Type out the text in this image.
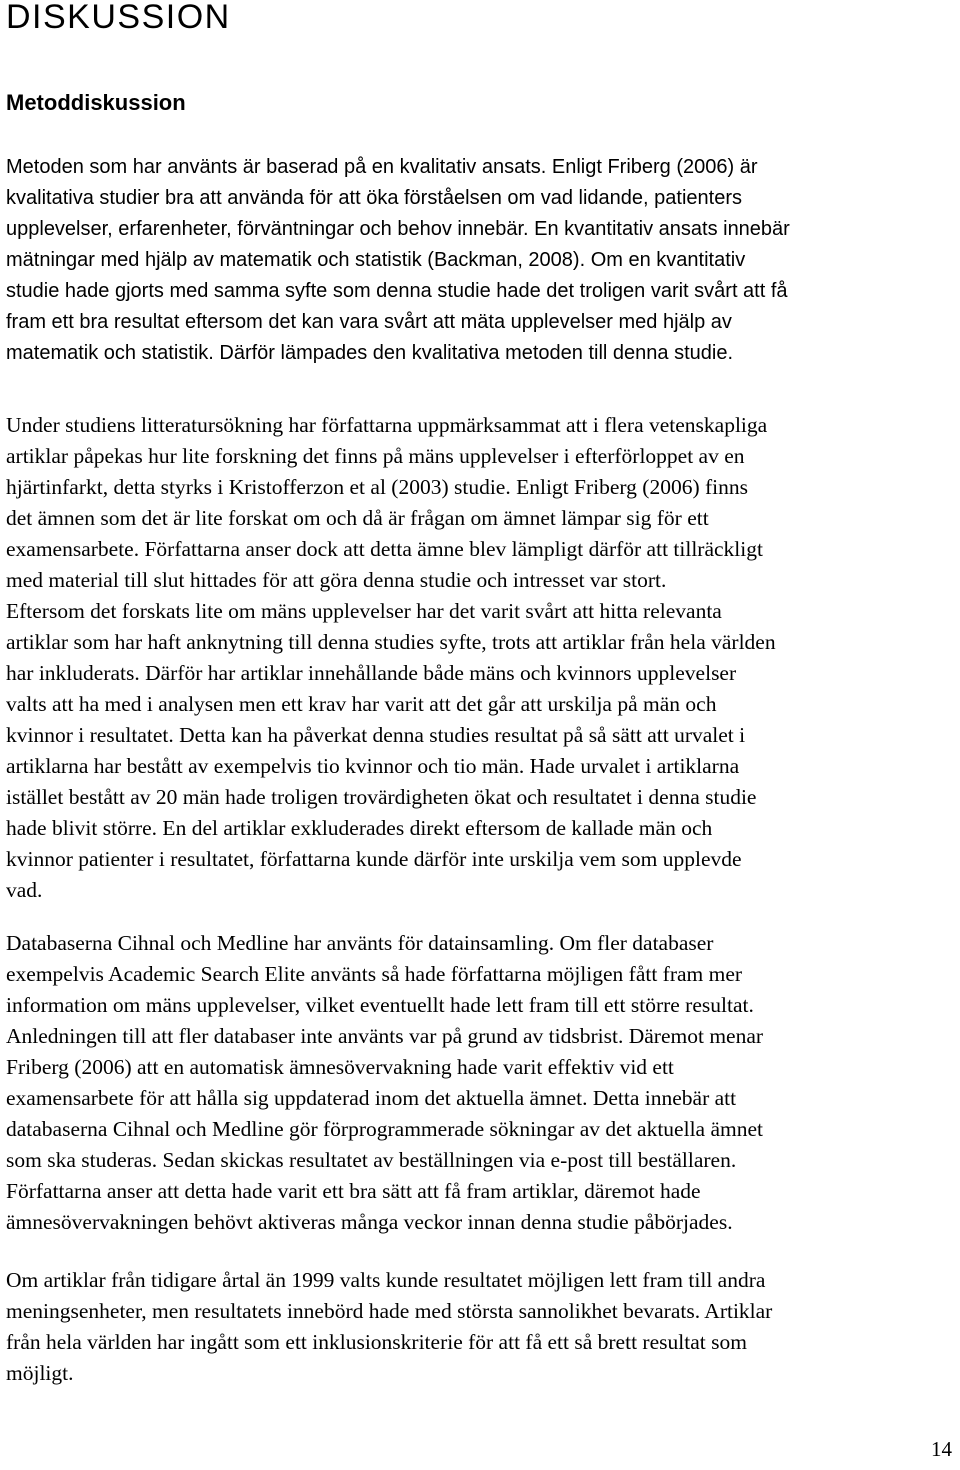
DISKUSSION
Metoddiskussion

Metoden som har använts är baserad på en kvalitativ ansats. Enligt Friberg (2006) är
kvalitativa studier bra att använda för att öka förståelsen om vad lidande, patienters
upplevelser, erfarenheter, förväntningar och behov innebär. En kvantitativ ansats innebär
mätningar med hjälp av matematik och statistik (Backman, 2008). Om en kvantitativ
studie hade gjorts med samma syfte som denna studie hade det troligen varit svårt att få
fram ett bra resultat eftersom det kan vara svårt att mäta upplevelser med hjälp av
matematik och statistik. Därför lämpades den kvalitativa metoden till denna studie.

Under studiens litteratursökning har författarna uppmärksammat att i flera vetenskapliga
artiklar påpekas hur lite forskning det finns på mäns upplevelser i efterförloppet av en
hjärtinfarkt, detta styrks i Kristofferzon et al (2003) studie. Enligt Friberg (2006) finns
det ämnen som det är lite forskat om och då är frågan om ämnet lämpar sig för ett
examensarbete. Författarna anser dock att detta ämne blev lämpligt därför att tillräckligt
med material till slut hittades för att göra denna studie och intresset var stort.
Eftersom det forskats lite om mäns upplevelser har det varit svårt att hitta relevanta
artiklar som har haft anknytning till denna studies syfte, trots att artiklar från hela världen
har inkluderats. Därför har artiklar innehållande både mäns och kvinnors upplevelser
valts att ha med i analysen men ett krav har varit att det går att urskilja på män och
kvinnor i resultatet. Detta kan ha påverkat denna studies resultat på så sätt att urvalet i
artiklarna har bestått av exempelvis tio kvinnor och tio män. Hade urvalet i artiklarna
istället bestått av 20 män hade troligen trovärdigheten ökat och resultatet i denna studie
hade blivit större. En del artiklar exkluderades direkt eftersom de kallade män och
kvinnor patienter i resultatet, författarna kunde därför inte urskilja vem som upplevde
vad.

Databaserna Cihnal och Medline har använts för datainsamling. Om fler databaser
exempelvis Academic Search Elite använts så hade författarna möjligen fått fram mer
information om mäns upplevelser, vilket eventuellt hade lett fram till ett större resultat.
Anledningen till att fler databaser inte använts var på grund av tidsbrist. Däremot menar
Friberg (2006) att en automatisk ämnesövervakning hade varit effektiv vid ett
examensarbete för att hålla sig uppdaterad inom det aktuella ämnet. Detta innebär att
databaserna Cihnal och Medline gör förprogrammerade sökningar av det aktuella ämnet
som ska studeras. Sedan skickas resultatet av beställningen via e-post till beställaren.
Författarna anser att detta hade varit ett bra sätt att få fram artiklar, däremot hade
ämnesövervakningen behövt aktiveras många veckor innan denna studie påbörjades.

Om artiklar från tidigare årtal än 1999 valts kunde resultatet möjligen lett fram till andra
meningsenheter, men resultatets innebörd hade med största sannolikhet bevarats. Artiklar
från hela världen har ingått som ett inklusionskriterie för att få ett så brett resultat som
möjligt.

14
